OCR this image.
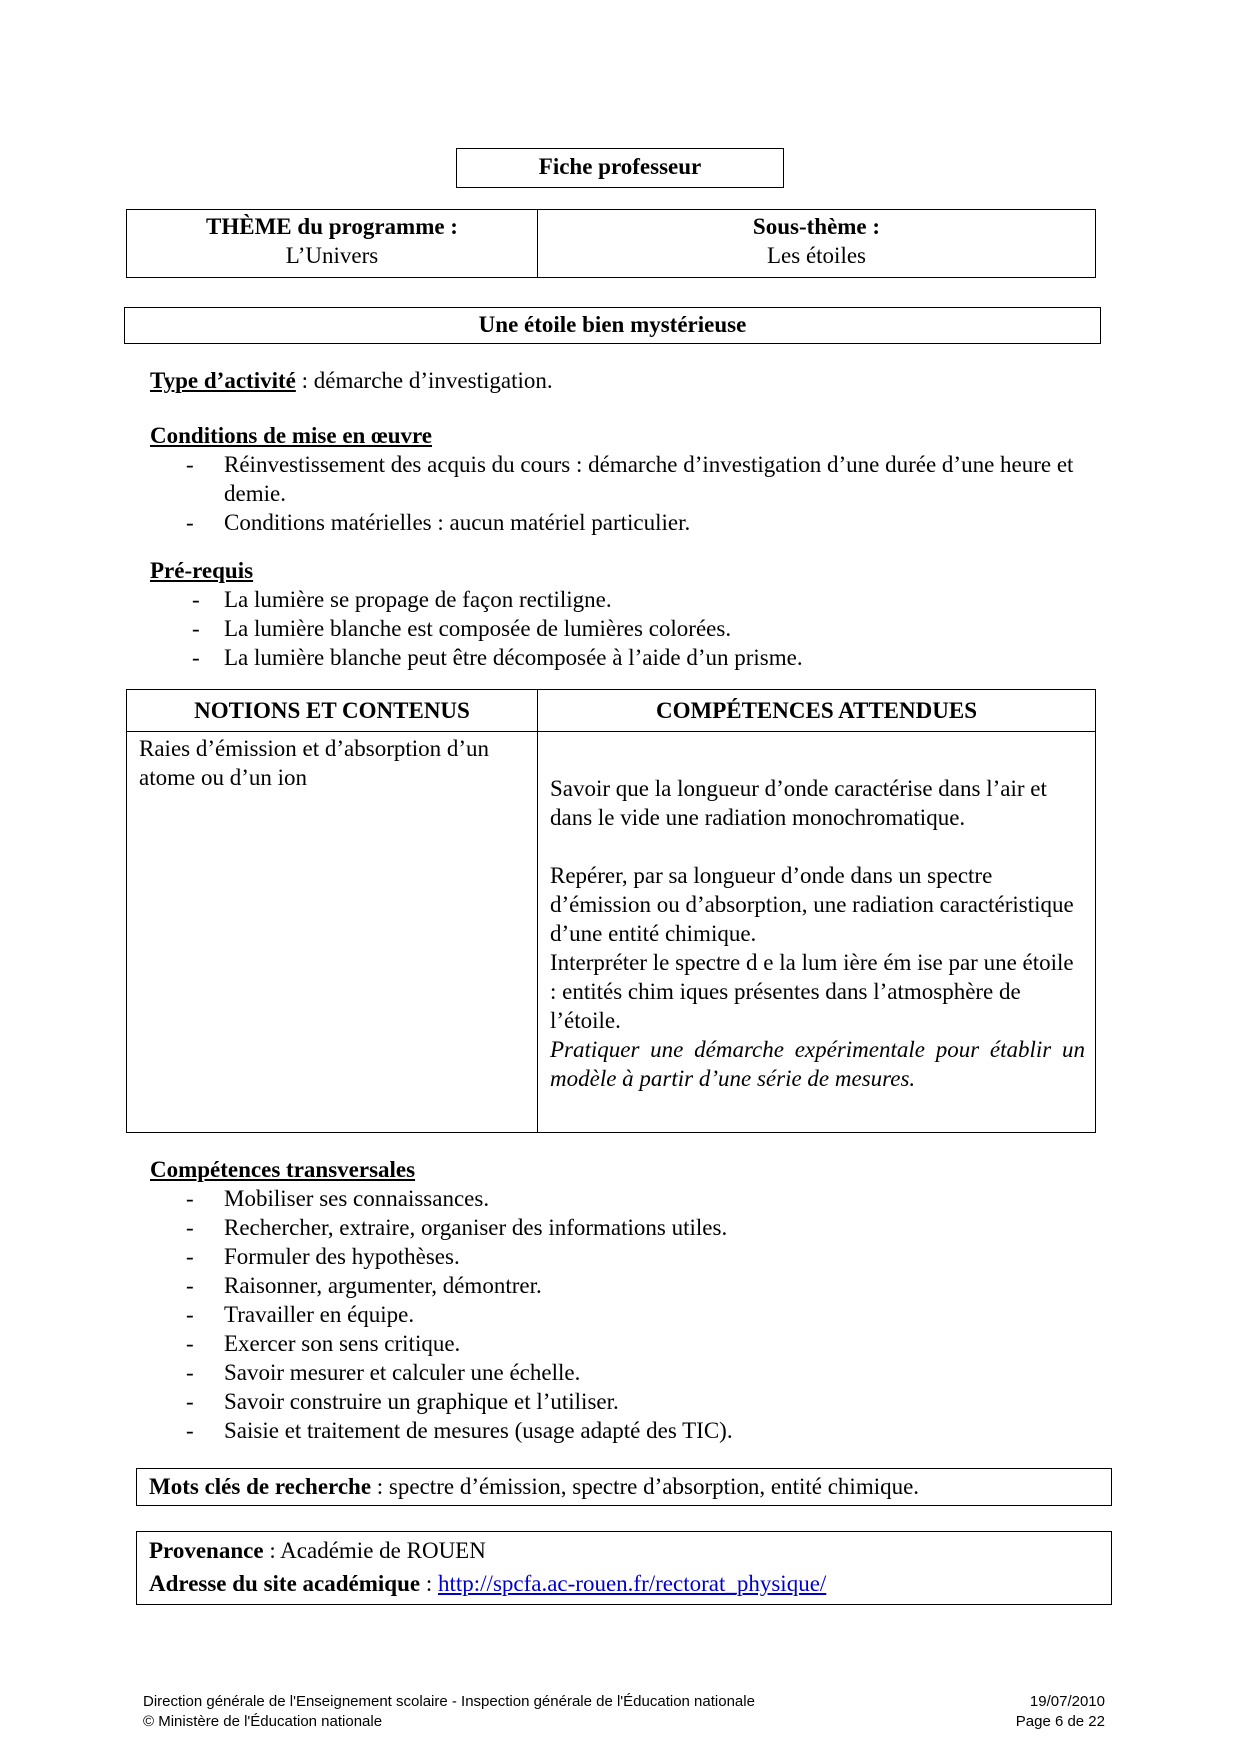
Fiche professeur
THÈME du programme :
L’Univers

Sous-thème :
Les étoiles
Une étoile bien mystérieuse
Type d’activité : démarche d’investigation.
Conditions de mise en œuvre
- Réinvestissement des acquis du cours : démarche d’investigation d’une durée d’une heure et demie.
- Conditions matérielles : aucun matériel particulier.
Pré-requis
- La lumière se propage de façon rectiligne.
- La lumière blanche est composée de lumières colorées.
- La lumière blanche peut être décomposée à l’aide d’un prisme.
NOTIONS ET CONTENUS	COMPÉTENCES ATTENDUES

Raies d’émission et d’absorption d’un atome ou d’un ion	Savoir que la longueur d’onde caractérise dans l’air et dans le vide une radiation monochromatique.
Repérer, par sa longueur d’onde dans un spectre d’émission ou d’absorption, une radiation caractéristique d’une entité chimique.
Interpréter le spectre d e la lum ière ém ise par une étoile : entités chim iques présentes dans l’atmosphère de l’étoile.
Pratiquer une démarche expérimentale pour établir un modèle à partir d’une série de mesures.
Compétences transversales
- Mobiliser ses connaissances.
- Rechercher, extraire, organiser des informations utiles.
- Formuler des hypothèses.
- Raisonner, argumenter, démontrer.
- Travailler en équipe.
- Exercer son sens critique.
- Savoir mesurer et calculer une échelle.
- Savoir construire un graphique et l’utiliser.
- Saisie et traitement de mesures (usage adapté des TIC).
Mots clés de recherche : spectre d’émission, spectre d’absorption, entité chimique.
Provenance : Académie de ROUEN
Adresse du site académique : http://spcfa.ac-rouen.fr/rectorat_physique/
Direction générale de l'Enseignement scolaire - Inspection générale de l'Éducation nationale
© Ministère de l'Éducation nationale
19/07/2010
Page 6 de 22
